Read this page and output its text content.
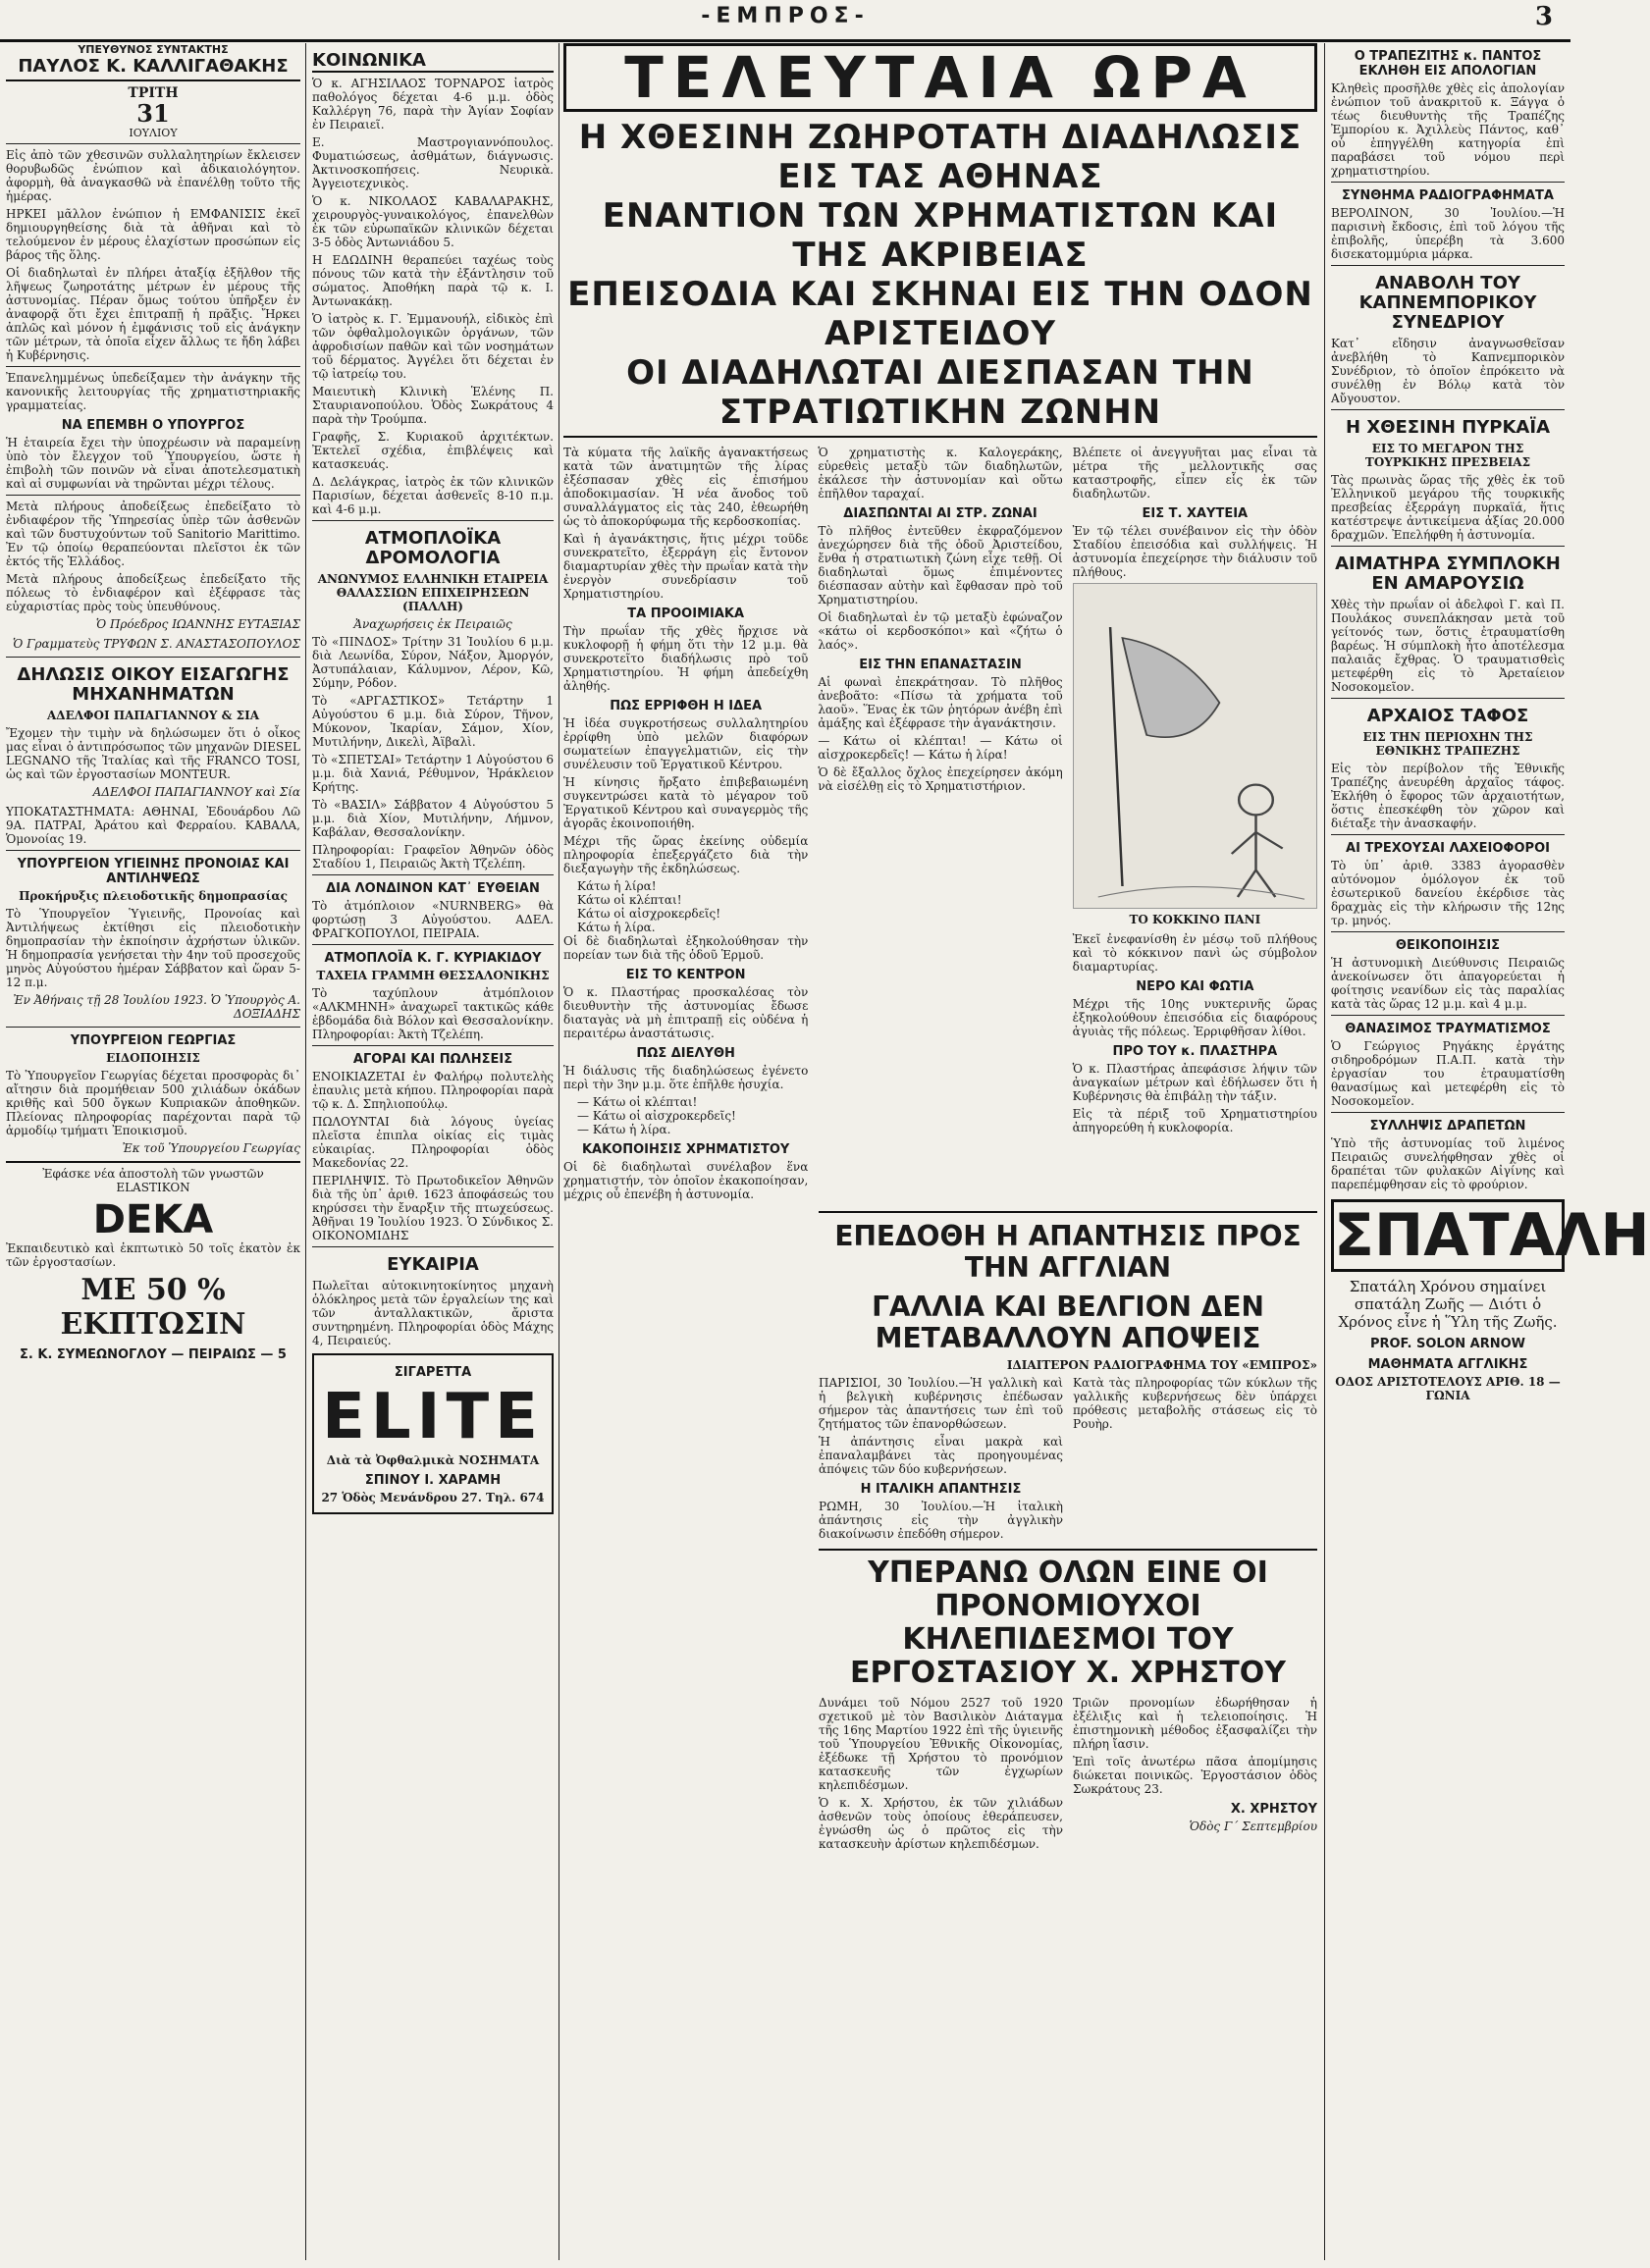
-ΕΜΠΡΟΣ-	3
ΥΠΕΥΘΥΝΟΣ ΣΥΝΤΑΚΤΗΣ
ΠΑΥΛΟΣ Κ. ΚΑΛΛΙΓΑΘΑΚΗΣ
ΤΡΙΤΗ
31
ΙΟΥΛΙΟΥ

Εἰς ἀπὸ τῶν χθεσινῶν συλλαλητηρίων ἔκλεισεν θορυβωδῶς ἐνώπιον καὶ ἀδικαιολόγητον. ἀφορμὴ, θὰ ἀναγκασθῶ νὰ ἐπανέλθῃ τοῦτο τῆς ἡμέρας.

ΗΡΚΕΙ μᾶλλον ἐνώπιον ἡ ΕΜΦΑΝΙΣΙΣ ἐκεῖ δημιουργηθείσης διὰ τὰ ἀθῆναι καὶ τὸ τελούμενον ἐν μέρους ἐλαχίστων προσώπων εἰς βάρος τῆς ὅλης.

Οἱ διαδηλωταὶ ἐν πλήρει ἀταξίᾳ ἐξῆλθον τῆς λῆψεως ζωηροτάτης μέτρων ἐν μέρους τῆς ἀστυνομίας. Πέραν ὅμως τούτου ὑπῆρξεν ἐν ἀναφορᾷ ὅτι ἔχει ἐπιτραπῇ ἡ πρᾶξις. Ἤρκει ἀπλῶς καὶ μόνον ἡ ἐμφάνισις τοῦ εἰς ἀνάγκην τῶν μέτρων, τὰ ὁποῖα εἶχεν ἄλλως τε ἤδη λάβει ἡ Κυβέρνησις.

Ἐπανελημμένως ὑπεδείξαμεν τὴν ἀνάγκην τῆς κανονικῆς λειτουργίας τῆς χρηματιστηριακῆς γραμματείας.

ΝΑ ΕΠΕΜΒΗ Ο ΥΠΟΥΡΓΟΣ

Ἡ ἑταιρεία ἔχει τὴν ὑποχρέωσιν νὰ παραμείνῃ ὑπὸ τὸν ἔλεγχον τοῦ Ὑπουργείου, ὥστε ἡ ἐπιβολὴ τῶν ποινῶν νὰ εἶναι ἀποτελεσματικὴ καὶ αἱ συμφωνίαι νὰ τηρῶνται μέχρι τέλους.

Μετὰ πλήρους ἀποδείξεως ἐπεδείξατο τὸ ἐνδιαφέρον τῆς Ὑπηρεσίας ὑπὲρ τῶν ἀσθενῶν καὶ τῶν δυστυχούντων τοῦ Sanitorio Marittimo. Ἐν τῷ ὁποίῳ θεραπεύονται πλεῖστοι ἐκ τῶν ἐκτός τῆς Ἑλλάδος.

Μετὰ πλήρους ἀποδείξεως ἐπεδείξατο τῆς πόλεως τὸ ἐνδιαφέρον καὶ ἐξέφρασε τὰς εὐχαριστίας πρὸς τοὺς ὑπευθύνους.

Ὁ Πρόεδρος ΙΩΑΝΝΗΣ ΕΥΤΑΞΙΑΣ
Ὁ Γραμματεὺς ΤΡΥΦΩΝ Σ. ΑΝΑΣΤΑΣΟΠΟΥΛΟΣ
ΔΗΛΩΣΙΣ ΟΙΚΟΥ ΕΙΣΑΓΩΓΗΣ ΜΗΧΑΝΗΜΑΤΩΝ
ΑΔΕΛΦΟΙ ΠΑΠΑΓΙΑΝΝΟΥ & ΣΙΑ

Ἔχομεν τὴν τιμὴν νὰ δηλώσωμεν ὅτι ὁ οἶκος μας εἶναι ὁ ἀντιπρόσωπος τῶν μηχανῶν DIESEL LEGNANO τῆς Ἰταλίας καὶ τῆς FRANCO TOSI, ὡς καὶ τῶν ἐργοστασίων MONTEUR.

ΑΔΕΛΦΟΙ ΠΑΠΑΓΙΑΝΝΟΥ καὶ Σία

ΥΠΟΚΑΤΑΣΤΗΜΑΤΑ: ΑΘΗΝΑΙ, Ἐδουάρδου Λῶ 9Α. ΠΑΤΡΑΙ, Ἀράτου καὶ Φερραίου. ΚΑΒΑΛΑ, Ὁμονοίας 19.

ΥΠΟΥΡΓΕΙΟΝ ΥΓΙΕΙΝΗΣ ΠΡΟΝΟΙΑΣ ΚΑΙ ΑΝΤΙΛΗΨΕΩΣ
Προκήρυξις πλειοδοτικῆς δημοπρασίας

Τὸ Ὑπουργεῖον Ὑγιεινῆς, Προνοίας καὶ Ἀντιλήψεως ἐκτίθησι εἰς πλειοδοτικὴν δημοπρασίαν τὴν ἐκποίησιν ἀχρήστων ὑλικῶν. Ἡ δημοπρασία γενήσεται τὴν 4ην τοῦ προσεχοῦς μηνὸς Αὐγούστου ἡμέραν Σάββατον καὶ ὥραν 5-12 π.μ.

Ἐν Ἀθήναις τῇ 28 Ἰουλίου 1923. Ὁ Ὑπουργὸς Α. ΔΟΞΙΑΔΗΣ
ΥΠΟΥΡΓΕΙΟΝ ΓΕΩΡΓΙΑΣ
ΕΙΔΟΠΟΙΗΣΙΣ

Τὸ Ὑπουργεῖον Γεωργίας δέχεται προσφορὰς δι᾽ αἴτησιν διὰ προμήθειαν 500 χιλιάδων ὀκάδων κριθῆς καὶ 500 ὄγκων Κυπριακῶν ἀποθηκῶν. Πλείονας πληροφορίας παρέχονται παρὰ τῷ ἀρμοδίῳ τμήματι Ἐποικισμοῦ.

Ἐκ τοῦ Ὑπουργείου Γεωργίας

Ἐφάσκε νέα ἀποστολὴ τῶν γνωστῶν ELASTIKON

DEKA

Ἐκπαιδευτικὸ καὶ ἐκπτωτικὸ 50 τοῖς ἑκατὸν ἐκ τῶν ἐργοστασίων.

ΜΕ 50 % ΕΚΠΤΩΣΙΝ
Σ. Κ. ΣΥΜΕΩΝΟΓΛΟΥ — ΠΕΙΡΑΙΩΣ — 5
ΚΟΙΝΩΝΙΚΑ

Ὁ κ. ΑΓΗΣΙΛΑΟΣ ΤΟΡΝΑΡΟΣ ἰατρὸς παθολόγος δέχεται 4-6 μ.μ. ὁδὸς Καλλέργη 76, παρὰ τὴν Ἁγίαν Σοφίαν ἐν Πειραιεῖ.

Ε. Μαστρογιαννόπουλος. Φυματιώσεως, ἀσθμάτων, διάγνωσις. Ἀκτινοσκοπήσεις. Νευρικὰ. Ἀγγειοτεχνικὸς.

Ὁ κ. ΝΙΚΟΛΑΟΣ ΚΑΒΑΛΑΡΑΚΗΣ, χειρουργὸς-γυναικολόγος, ἐπανελθὼν ἐκ τῶν εὐρωπαϊκῶν κλινικῶν δέχεται 3-5 ὁδὸς Ἀντωνιάδου 5.

Η ΕΔΩΔΙΝΗ θεραπεύει ταχέως τοὺς πόνους τῶν κατὰ τὴν ἐξάντλησιν τοῦ σώματος. Ἀποθήκη παρὰ τῷ κ. Ι. Ἀντωνακάκῃ.

Ὁ ἰατρὸς κ. Γ. Ἐμμανουήλ, εἰδικὸς ἐπὶ τῶν ὀφθαλμολογικῶν ὀργάνων, τῶν ἀφροδισίων παθῶν καὶ τῶν νοσημάτων τοῦ δέρματος. Ἀγγέλει ὅτι δέχεται ἐν τῷ ἰατρείῳ του.

Μαιευτικὴ Κλινικὴ Ἑλένης Π. Σταυριανοπούλου. Ὁδὸς Σωκράτους 4 παρὰ τὴν Τρούμπα.

Γραφῆς, Σ. Κυριακοῦ ἀρχιτέκτων. Ἐκτελεῖ σχέδια, ἐπιβλέψεις καὶ κατασκευάς.

Δ. Δελάγκρας, ἰατρὸς ἐκ τῶν κλινικῶν Παρισίων, δέχεται ἀσθενεῖς 8-10 π.μ. καὶ 4-6 μ.μ.

ΑΤΜΟΠΛΟΪΚΑ ΔΡΟΜΟΛΟΓΙΑ
ΑΝΩΝΥΜΟΣ ΕΛΛΗΝΙΚΗ ΕΤΑΙΡΕΙΑ ΘΑΛΑΣΣΙΩΝ ΕΠΙΧΕΙΡΗΣΕΩΝ (ΠΑΛΛΗ)
Ἀναχωρήσεις ἐκ Πειραιῶς

Τὸ «ΠΙΝΔΟΣ» Τρίτην 31 Ἰουλίου 6 μ.μ. διὰ Λεωνίδα, Σύρον, Νάξον, Ἀμοργόν, Ἀστυπάλαιαν, Κάλυμνον, Λέρον, Κῶ, Σύμην, Ρόδον.

Τὸ «ΑΡΓΑΣΤΙΚΟΣ» Τετάρτην 1 Αὐγούστου 6 μ.μ. διὰ Σύρον, Τῆνον, Μύκονον, Ἰκαρίαν, Σάμον, Χίον, Μυτιλήνην, Δικελὶ, Ἀϊβαλὶ.

Τὸ «ΣΠΕΤΣΑΙ» Τετάρτην 1 Αὐγούστου 6 μ.μ. διὰ Χανιά, Ρέθυμνον, Ἡράκλειον Κρήτης.

Τὸ «ΒΑΣΙΛ» Σάββατον 4 Αὐγούστου 5 μ.μ. διὰ Χίον, Μυτιλήνην, Λήμνον, Καβάλαν, Θεσσαλονίκην.

Πληροφορίαι: Γραφεῖον Ἀθηνῶν ὁδὸς Σταδίου 1, Πειραιῶς Ἀκτὴ Τζελέπη.

ΔΙΑ ΛΟΝΔΙΝΟΝ ΚΑΤ᾽ ΕΥΘΕΙΑΝ

Τὸ ἀτμόπλοιον «NURNBERG» θὰ φορτώσῃ 3 Αὐγούστου. ΑΔΕΛ. ΦΡΑΓΚΟΠΟΥΛΟΙ, ΠΕΙΡΑΙΑ.

ΑΤΜΟΠΛΟΪΑ Κ. Γ. ΚΥΡΙΑΚΙΔΟΥ
ΤΑΧΕΙΑ ΓΡΑΜΜΗ ΘΕΣΣΑΛΟΝΙΚΗΣ

Τὸ ταχύπλουν ἀτμόπλοιον «ΑΛΚΜΗΝΗ» ἀναχωρεῖ τακτικῶς κάθε ἑβδομάδα διὰ Βόλον καὶ Θεσσαλονίκην. Πληροφορίαι: Ἀκτὴ Τζελέπη.

ΑΓΟΡΑΙ ΚΑΙ ΠΩΛΗΣΕΙΣ

ΕΝΟΙΚΙΑΖΕΤΑΙ ἐν Φαλήρῳ πολυτελὴς ἐπαυλις μετὰ κήπου. Πληροφορίαι παρὰ τῷ κ. Δ. Σπηλιοπούλῳ.

ΠΩΛΟΥΝΤΑΙ διὰ λόγους ὑγείας πλεῖστα ἐπιπλα οἰκίας εἰς τιμὰς εὐκαιρίας. Πληροφορίαι ὁδὸς Μακεδονίας 22.

ΠΕΡΙΛΗΨΙΣ. Τὸ Πρωτοδικεῖον Ἀθηνῶν διὰ τῆς ὑπ᾽ ἀριθ. 1623 ἀποφάσεώς του κηρύσσει τὴν ἔναρξιν τῆς πτωχεύσεως. Ἀθῆναι 19 Ἰουλίου 1923. Ὁ Σύνδικος Σ. ΟΙΚΟΝΟΜΙΔΗΣ

ΕΥΚΑΙΡΙΑ

Πωλεῖται αὐτοκινητοκίνητος μηχανὴ ὁλόκληρος μετὰ τῶν ἐργαλείων της καὶ τῶν ἀνταλλακτικῶν, ἄριστα συντηρημένη. Πληροφορίαι ὁδὸς Μάχης 4, Πειραιεύς.

ΣΙΓΑΡΕΤΤΑ
ELITE
Διὰ τὰ Ὀφθαλμικὰ ΝΟΣΗΜΑΤΑ
ΣΠΙΝΟΥ Ι. ΧΑΡΑΜΗ
27 Ὁδὸς Μενάνδρου 27. Τηλ. 674
ΤΕΛΕΥΤΑΙΑ ΩΡΑ
Η ΧΘΕΣΙΝΗ ΖΩΗΡΟΤΑΤΗ ΔΙΑΔΗΛΩΣΙΣ ΕΙΣ ΤΑΣ ΑΘΗΝΑΣ
ΕΝΑΝΤΙΟΝ ΤΩΝ ΧΡΗΜΑΤΙΣΤΩΝ ΚΑΙ ΤΗΣ ΑΚΡΙΒΕΙΑΣ
ΕΠΕΙΣΟΔΙΑ ΚΑΙ ΣΚΗΝΑΙ ΕΙΣ ΤΗΝ ΟΔΟΝ ΑΡΙΣΤΕΙΔΟΥ
ΟΙ ΔΙΑΔΗΛΩΤΑΙ ΔΙΕΣΠΑΣΑΝ ΤΗΝ ΣΤΡΑΤΙΩΤΙΚΗΝ ΖΩΝΗΝ

Τὰ κύματα τῆς λαϊκῆς ἀγανακτήσεως κατὰ τῶν ἀνατιμητῶν τῆς λίρας ἐξέσπασαν χθὲς εἰς ἐπισήμου ἀποδοκιμασίαν. Ἡ νέα ἄνοδος τοῦ συναλλάγματος εἰς τὰς 240, ἐθεωρήθη ὡς τὸ ἀποκορύφωμα τῆς κερδοσκοπίας.

Καὶ ἡ ἀγανάκτησις, ἥτις μέχρι τοῦδε συνεκρατεῖτο, ἐξερράγη εἰς ἔντονον διαμαρτυρίαν χθὲς τὴν πρωΐαν κατὰ τὴν ἐνεργὸν συνεδρίασιν τοῦ Χρηματιστηρίου.

ΤΑ ΠΡΟΟΙΜΙΑΚΑ

Τὴν πρωΐαν τῆς χθὲς ἤρχισε νὰ κυκλοφορῇ ἡ φήμη ὅτι τὴν 12 μ.μ. θὰ συνεκροτεῖτο διαδήλωσις πρὸ τοῦ Χρηματιστηρίου. Ἡ φήμη ἀπεδείχθη ἀληθής.

ΠΩΣ ΕΡΡΙΦΘΗ Η ΙΔΕΑ

Ἡ ἰδέα συγκροτήσεως συλλαλητηρίου ἐρρίφθη ὑπὸ μελῶν διαφόρων σωματείων ἐπαγγελματιῶν, εἰς τὴν συνέλευσιν τοῦ Ἐργατικοῦ Κέντρου.

Ἡ κίνησις ἤρξατο ἐπιβεβαιωμένη συγκεντρώσει κατὰ τὸ μέγαρον τοῦ Ἐργατικοῦ Κέντρου καὶ συναγερμὸς τῆς ἀγορᾶς ἐκοινοποιήθη.

Μέχρι τῆς ὥρας ἐκείνης οὐδεμία πληροφορία ἐπεξεργάζετο διὰ τὴν διεξαγωγὴν τῆς ἐκδηλώσεως.

Κάτω ἡ λίρα!

Κάτω οἱ κλέπται!

Κάτω οἱ αἰσχροκερδεῖς!

Κάτω ἡ λίρα.

Οἱ δὲ διαδηλωταὶ ἐξηκολούθησαν τὴν πορείαν των διὰ τῆς ὁδοῦ Ἑρμοῦ.

ΕΙΣ ΤΟ ΚΕΝΤΡΟΝ

Ὁ κ. Πλαστήρας προσκαλέσας τὸν διευθυντὴν τῆς ἀστυνομίας ἔδωσε διαταγὰς νὰ μὴ ἐπιτραπῇ εἰς οὐδένα ἡ περαιτέρω ἀναστάτωσις.

ΠΩΣ ΔΙΕΛΥΘΗ

Ἡ διάλυσις τῆς διαδηλώσεως ἐγένετο περὶ τὴν 3ην μ.μ. ὅτε ἐπῆλθε ἡσυχία.

— Κάτω οἱ κλέπται!

— Κάτω οἱ αἰσχροκερδεῖς!

— Κάτω ἡ λίρα.

ΚΑΚΟΠΟΙΗΣΙΣ ΧΡΗΜΑΤΙΣΤΟΥ

Οἱ δὲ διαδηλωταὶ συνέλαβον ἕνα χρηματιστήν, τὸν ὁποῖον ἐκακοποίησαν, μέχρις οὗ ἐπενέβη ἡ ἀστυνομία.

Ὁ χρηματιστὴς κ. Καλογεράκης, εὑρεθεὶς μεταξὺ τῶν διαδηλωτῶν, ἐκάλεσε τὴν ἀστυνομίαν καὶ οὕτω ἐπῆλθον ταραχαί.

ΔΙΑΣΠΩΝΤΑΙ ΑΙ ΣΤΡ. ΖΩΝΑΙ

Τὸ πλῆθος ἐντεῦθεν ἐκφραζόμενον ἀνεχώρησεν διὰ τῆς ὁδοῦ Ἀριστείδου, ἔνθα ἡ στρατιωτικὴ ζώνη εἶχε τεθῇ. Οἱ διαδηλωταὶ ὅμως ἐπιμένοντες διέσπασαν αὐτὴν καὶ ἔφθασαν πρὸ τοῦ Χρηματιστηρίου.

Οἱ διαδηλωταὶ ἐν τῷ μεταξὺ ἐφώναζον «κάτω οἱ κερδοσκόποι» καὶ «ζήτω ὁ λαός».

ΕΙΣ ΤΗΝ ΕΠΑΝΑΣΤΑΣΙΝ

Αἱ φωναὶ ἐπεκράτησαν. Τὸ πλῆθος ἀνεβοᾶτο: «Πίσω τὰ χρήματα τοῦ λαοῦ». Ἕνας ἐκ τῶν ῥητόρων ἀνέβη ἐπὶ ἀμάξης καὶ ἐξέφρασε τὴν ἀγανάκτησιν.

— Κάτω οἱ κλέπται! — Κάτω οἱ αἰσχροκερδεῖς! — Κάτω ἡ λίρα!

Ὁ δὲ ἔξαλλος ὄχλος ἐπεχείρησεν ἀκόμη νὰ εἰσέλθῃ εἰς τὸ Χρηματιστήριον.

Βλέπετε οἱ ἀνεγγυῆται μας εἶναι τὰ μέτρα τῆς μελλοντικῆς σας καταστροφῆς, εἶπεν εἷς ἐκ τῶν διαδηλωτῶν.

ΕΙΣ Τ. ΧΑΥΤΕΙΑ

Ἐν τῷ τέλει συνέβαινον εἰς τὴν ὁδὸν Σταδίου ἐπεισόδια καὶ συλλήψεις. Ἡ ἀστυνομία ἐπεχείρησε τὴν διάλυσιν τοῦ πλήθους.

ΤΟ ΚΟΚΚΙΝΟ ΠΑΝΙ

Ἐκεῖ ἐνεφανίσθη ἐν μέσῳ τοῦ πλήθους καὶ τὸ κόκκινον πανὶ ὡς σύμβολον διαμαρτυρίας.

ΝΕΡΟ ΚΑΙ ΦΩΤΙΑ

Μέχρι τῆς 10ης νυκτερινῆς ὥρας ἐξηκολούθουν ἐπεισόδια εἰς διαφόρους ἀγυιὰς τῆς πόλεως. Ἐρριφθῆσαν λίθοι.

ΠΡΟ ΤΟΥ κ. ΠΛΑΣΤΗΡΑ

Ὁ κ. Πλαστήρας ἀπεφάσισε λήψιν τῶν ἀναγκαίων μέτρων καὶ ἐδήλωσεν ὅτι ἡ Κυβέρνησις θὰ ἐπιβάλῃ τὴν τάξιν.

Εἰς τὰ πέριξ τοῦ Χρηματιστηρίου ἀπηγορεύθη ἡ κυκλοφορία.

ΕΠΕΔΟΘΗ Η ΑΠΑΝΤΗΣΙΣ ΠΡΟΣ ΤΗΝ ΑΓΓΛΙΑΝ
ΓΑΛΛΙΑ ΚΑΙ ΒΕΛΓΙΟΝ ΔΕΝ ΜΕΤΑΒΑΛΛΟΥΝ ΑΠΟΨΕΙΣ
ΙΔΙΑΙΤΕΡΟΝ ΡΑΔΙΟΓΡΑΦΗΜΑ ΤΟΥ «ΕΜΠΡΟΣ»

ΠΑΡΙΣΙΟΙ, 30 Ἰουλίου.—Ἡ γαλλικὴ καὶ ἡ βελγικὴ κυβέρνησις ἐπέδωσαν σήμερον τὰς ἀπαντήσεις των ἐπὶ τοῦ ζητήματος τῶν ἐπανορθώσεων.

Ἡ ἀπάντησις εἶναι μακρὰ καὶ ἐπαναλαμβάνει τὰς προηγουμένας ἀπόψεις τῶν δύο κυβερνήσεων.

Η ΙΤΑΛΙΚΗ ΑΠΑΝΤΗΣΙΣ

ΡΩΜΗ, 30 Ἰουλίου.—Ἡ ἰταλικὴ ἀπάντησις εἰς τὴν ἀγγλικὴν διακοίνωσιν ἐπεδόθη σήμερον.

Κατὰ τὰς πληροφορίας τῶν κύκλων τῆς γαλλικῆς κυβερνήσεως δὲν ὑπάρχει πρόθεσις μεταβολῆς στάσεως εἰς τὸ Ρουὴρ.

ΥΠΕΡΑΝΩ ΟΛΩΝ ΕΙΝΕ ΟΙ ΠΡΟΝΟΜΙΟΥΧΟΙ ΚΗΛΕΠΙΔΕΣΜΟΙ ΤΟΥ ΕΡΓΟΣΤΑΣΙΟΥ Χ. ΧΡΗΣΤΟΥ

Δυνάμει τοῦ Νόμου 2527 τοῦ 1920 σχετικοῦ μὲ τὸν Βασιλικὸν Διάταγμα τῆς 16ης Μαρτίου 1922 ἐπὶ τῆς ὑγιεινῆς τοῦ Ὑπουργείου Ἐθνικῆς Οἰκονομίας, ἐξέδωκε τῇ Χρήστου τὸ προνόμιον κατασκευῆς τῶν ἐγχωρίων κηλεπιδέσμων.

Ὁ κ. Χ. Χρήστου, ἐκ τῶν χιλιάδων ἀσθενῶν τοὺς ὁποίους ἐθεράπευσεν, ἐγνώσθη ὡς ὁ πρῶτος εἰς τὴν κατασκευὴν ἀρίστων κηλεπιδέσμων.

Τριῶν προνομίων ἐδωρήθησαν ἡ ἐξέλιξις καὶ ἡ τελειοποίησις. Ἡ ἐπιστημονικὴ μέθοδος ἐξασφαλίζει τὴν πλήρη ἴασιν.

Ἐπὶ τοῖς ἀνωτέρω πᾶσα ἀπομίμησις διώκεται ποινικῶς. Ἐργοστάσιον ὁδὸς Σωκράτους 23.

Χ. ΧΡΗΣΤΟΥ
Ὁδὸς Γ΄ Σεπτεμβρίου
Ο ΤΡΑΠΕΖΙΤΗΣ κ. ΠΑΝΤΟΣ ΕΚΛΗΘΗ ΕΙΣ ΑΠΟΛΟΓΙΑΝ

Κληθεὶς προσῆλθε χθὲς εἰς ἀπολογίαν ἐνώπιον τοῦ ἀνακριτοῦ κ. Ξάγγα ὁ τέως διευθυντὴς τῆς Τραπέζης Ἐμπορίου κ. Ἀχιλλεὺς Πάντος, καθ᾽ οὗ ἐπηγγέλθη κατηγορία ἐπὶ παραβάσει τοῦ νόμου περὶ χρηματιστηρίου.

ΣΥΝΘΗΜΑ ΡΑΔΙΟΓΡΑΦΗΜΑΤΑ

ΒΕΡΟΛΙΝΟΝ, 30 Ἰουλίου.—Ἡ παρισινὴ ἔκδοσις, ἐπὶ τοῦ λόγου τῆς ἐπιβολῆς, ὑπερέβη τὰ 3.600 δισεκατομμύρια μάρκα.

ΑΝΑΒΟΛΗ ΤΟΥ ΚΑΠΝΕΜΠΟΡΙΚΟΥ ΣΥΝΕΔΡΙΟΥ

Κατ᾽ εἴδησιν ἀναγνωσθεῖσαν ἀνεβλήθη τὸ Καπνεμπορικὸν Συνέδριον, τὸ ὁποῖον ἐπρόκειτο νὰ συνέλθῃ ἐν Βόλῳ κατὰ τὸν Αὔγουστον.

Η ΧΘΕΣΙΝΗ ΠΥΡΚΑΪΑ
ΕΙΣ ΤΟ ΜΕΓΑΡΟΝ ΤΗΣ ΤΟΥΡΚΙΚΗΣ ΠΡΕΣΒΕΙΑΣ

Τὰς πρωινὰς ὥρας τῆς χθὲς ἐκ τοῦ Ἐλληνικοῦ μεγάρου τῆς τουρκικῆς πρεσβείας ἐξερράγη πυρκαϊά, ἥτις κατέστρεψε ἀντικείμενα ἀξίας 20.000 δραχμῶν. Ἐπελήφθη ἡ ἀστυνομία.

ΑΙΜΑΤΗΡΑ ΣΥΜΠΛΟΚΗ ΕΝ ΑΜΑΡΟΥΣΙΩ

Χθὲς τὴν πρωΐαν οἱ ἀδελφοὶ Γ. καὶ Π. Πουλάκος συνεπλάκησαν μετὰ τοῦ γείτονός των, ὅστις ἐτραυματίσθη βαρέως. Ἡ σύμπλοκὴ ἦτο ἀποτέλεσμα παλαιᾶς ἔχθρας. Ὁ τραυματισθεὶς μετεφέρθη εἰς τὸ Ἀρεταίειον Νοσοκομεῖον.

ΑΡΧΑΙΟΣ ΤΑΦΟΣ
ΕΙΣ ΤΗΝ ΠΕΡΙΟΧΗΝ ΤΗΣ ΕΘΝΙΚΗΣ ΤΡΑΠΕΖΗΣ

Εἰς τὸν περίβολον τῆς Ἐθνικῆς Τραπέζης ἀνευρέθη ἀρχαῖος τάφος. Ἐκλήθη ὁ ἔφορος τῶν ἀρχαιοτήτων, ὅστις ἐπεσκέφθη τὸν χῶρον καὶ διέταξε τὴν ἀνασκαφήν.

ΑΙ ΤΡΕΧΟΥΣΑΙ ΛΑΧΕΙΟΦΟΡΟΙ

Τὸ ὑπ᾽ ἀριθ. 3383 ἀγορασθὲν αὐτόνομον ὁμόλογον ἐκ τοῦ ἐσωτερικοῦ δανείου ἐκέρδισε τὰς δραχμὰς εἰς τὴν κλήρωσιν τῆς 12ης τρ. μηνός.

ΘΕΙΚΟΠΟΙΗΣΙΣ

Ἡ ἀστυνομικὴ Διεύθυνσις Πειραιῶς ἀνεκοίνωσεν ὅτι ἀπαγορεύεται ἡ φοίτησις νεανίδων εἰς τὰς παραλίας κατὰ τὰς ὥρας 12 μ.μ. καὶ 4 μ.μ.

ΘΑΝΑΣΙΜΟΣ ΤΡΑΥΜΑΤΙΣΜΟΣ

Ὁ Γεώργιος Ρηγάκης ἐργάτης σιδηροδρόμων Π.Α.Π. κατὰ τὴν ἐργασίαν του ἐτραυματίσθη θανασίμως καὶ μετεφέρθη εἰς τὸ Νοσοκομεῖον.

ΣΥΛΛΗΨΙΣ ΔΡΑΠΕΤΩΝ

Ὑπὸ τῆς ἀστυνομίας τοῦ λιμένος Πειραιῶς συνελήφθησαν χθὲς οἱ δραπέται τῶν φυλακῶν Αἰγίνης καὶ παρεπέμφθησαν εἰς τὸ φρούριον.

ΣΠΑΤΑΛΗ

Σπατάλη Χρόνου σημαίνει σπατάλη Ζωῆς — Διότι ὁ Χρόνος εἶνε ἡ Ὕλη τῆς Ζωῆς.

PROF. SOLON ARNOW
ΜΑΘΗΜΑΤΑ ΑΓΓΛΙΚΗΣ
ΟΔΟΣ ΑΡΙΣΤΟΤΕΛΟΥΣ ΑΡΙΘ. 18 — ΓΩΝΙΑ
